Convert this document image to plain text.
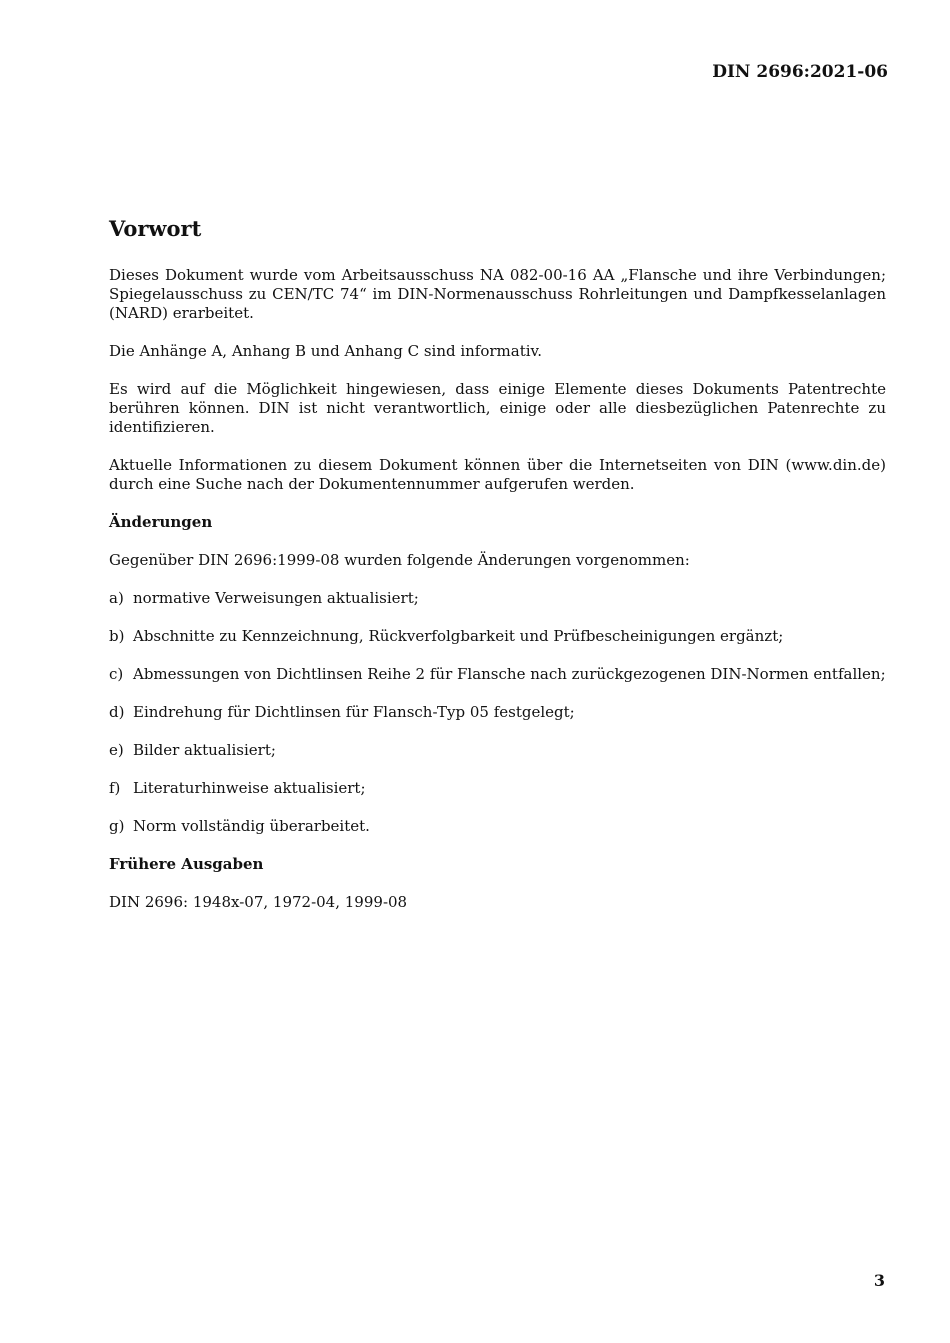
DIN 2696:2021-06
Vorwort

Dieses Dokument wurde vom Arbeitsausschuss NA 082-00-16 AA „Flansche und ihre Verbindungen; Spiegelausschuss zu CEN/TC 74“ im DIN-Normenausschuss Rohrleitungen und Dampfkesselanlagen (NARD) erarbeitet.

Die Anhänge A, Anhang B und Anhang C sind informativ.

Es wird auf die Möglichkeit hingewiesen, dass einige Elemente dieses Dokuments Patentrechte berühren können. DIN ist nicht verantwortlich, einige oder alle diesbezüglichen Patenrechte zu identifizieren.

Aktuelle Informationen zu diesem Dokument können über die Internetseiten von DIN (www.din.de) durch eine Suche nach der Dokumentennummer aufgerufen werden.

Änderungen

Gegenüber DIN 2696:1999-08 wurden folgende Änderungen vorgenommen:

a) normative Verweisungen aktualisiert;
b) Abschnitte zu Kennzeichnung, Rückverfolgbarkeit und Prüfbescheinigungen ergänzt;
c) Abmessungen von Dichtlinsen Reihe 2 für Flansche nach zurückgezogenen DIN-Normen entfallen;
d) Eindrehung für Dichtlinsen für Flansch-Typ 05 festgelegt;
e) Bilder aktualisiert;
f) Literaturhinweise aktualisiert;
g) Norm vollständig überarbeitet.
Frühere Ausgaben

DIN 2696: 1948x-07, 1972-04, 1999-08

3
